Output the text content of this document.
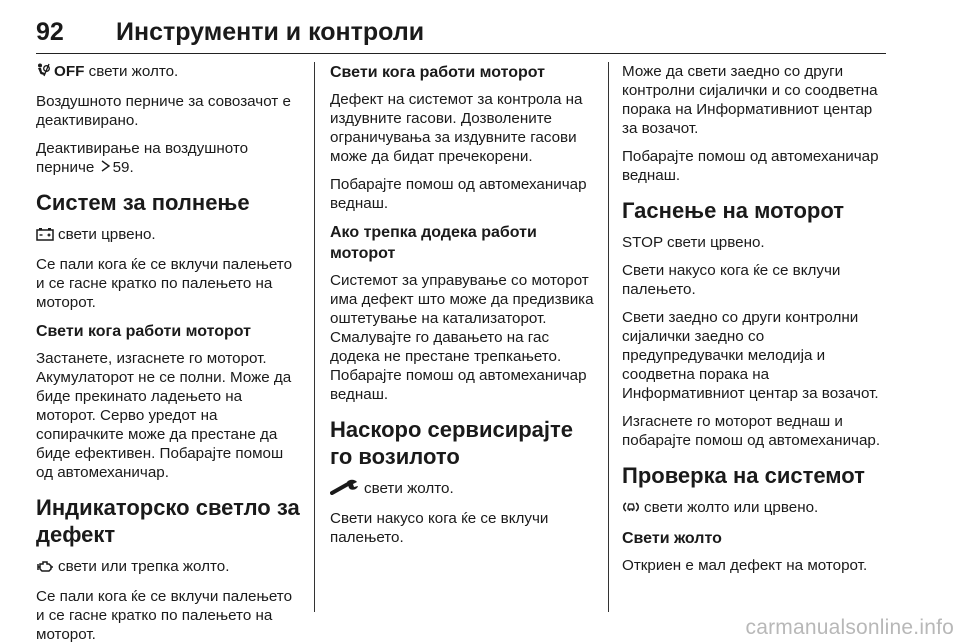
92 Инструменти и контроли

OFF свети жолто.

Воздушното перниче за совозачот е деактивирано.

Деактивирање на воздушното перниче 59.

Систем за полнење

свети црвено.

Се пали кога ќе се вклучи палењето и се гасне кратко по палењето на моторот.

Свети кога работи моторот

Застанете, изгаснете го моторот. Акумулаторот не се полни. Може да биде прекинато ладењето на моторот. Серво уредот на сопирачките може да престане да биде ефективен. Побарајте помош од автомеханичар.

Индикаторско светло за дефект

свети или трепка жолто.

Се пали кога ќе се вклучи палењето и се гасне кратко по палењето на моторот.

Свети кога работи моторот

Дефект на системот за контрола на издувните гасови. Дозволените ограничувања за издувните гасови може да бидат пречекорени.

Побарајте помош од автомеханичар веднаш.

Ако трепка додека работи моторот

Системот за управување со моторот има дефект што може да предизвика оштетување на катализаторот. Смалувајте го давањето на гас додека не престане трепкањето. Побарајте помош од автомеханичар веднаш.

Наскоро сервисирајте го возилото

свети жолто.

Свети накусо кога ќе се вклучи палењето.

Може да свети заедно со други контролни сијалички и со соодветна порака на Информативниот центар за возачот.

Побарајте помош од автомеханичар веднаш.

Гаснење на моторот

STOP свети црвено.

Свети накусо кога ќе се вклучи палењето.

Свети заедно со други контролни сијалички заедно со предупредувачки мелодија и соодветна порака на Информативниот центар за возачот.

Изгаснете го моторот веднаш и побарајте помош од автомеханичар.

Проверка на системот

свети жолто или црвено.

Свети жолто

Откриен е мал дефект на моторот.

carmanualsonline.info
